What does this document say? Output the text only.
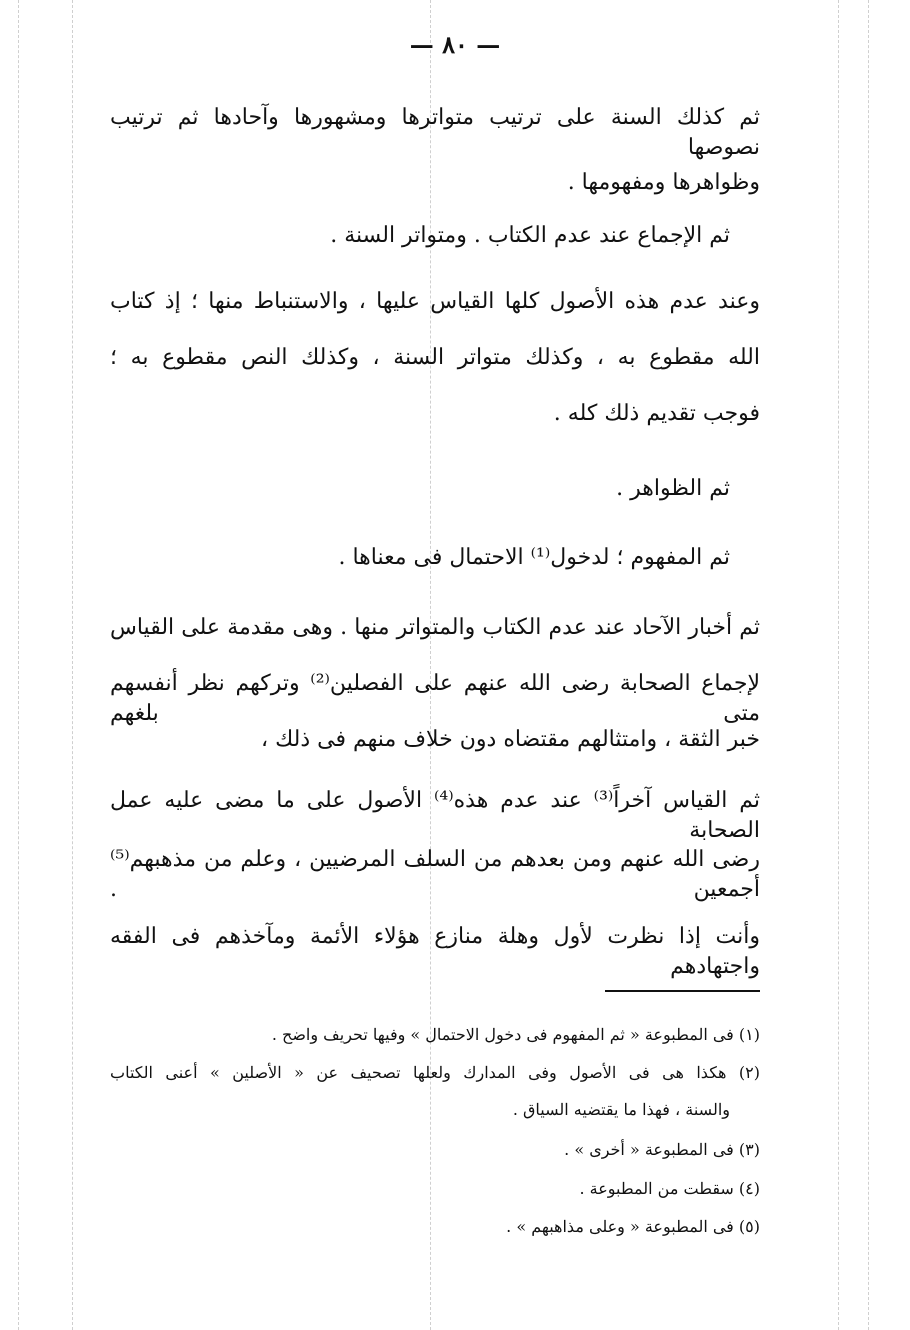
— ٨٠ —
ثم كذلك السنة على ترتيب متواترها ومشهورها وآحادها ثم ترتيب نصوصها
وظواهرها ومفهومها .
ثم الإجماع عند عدم الكتاب . ومتواتر السنة .
وعند عدم هذه الأصول كلها القياس عليها ، والاستنباط منها ؛ إذ كتاب
الله مقطوع به ، وكذلك متواتر السنة ، وكذلك النص مقطوع به ؛
فوجب تقديم ذلك كله .
ثم الظواهر .
ثم المفهوم ؛ لدخول⁽¹⁾ الاحتمال فى معناها .
ثم أخبار الآحاد عند عدم الكتاب والمتواتر منها . وهى مقدمة على القياس
لإجماع الصحابة رضى الله عنهم على الفصلين⁽²⁾ وتركهم نظر أنفسهم متى بلغهم
خبر الثقة ، وامتثالهم مقتضاه دون خلاف منهم فى ذلك ،
ثم القياس آخراً⁽³⁾ عند عدم هذه⁽⁴⁾ الأصول على ما مضى عليه عمل الصحابة
رضى الله عنهم ومن بعدهم من السلف المرضيين ، وعلم من مذهبهم⁽⁵⁾ أجمعين .
وأنت إذا نظرت لأول وهلة منازع هؤلاء الأئمة ومآخذهم فى الفقه واجتهادهم
(١) فى المطبوعة « ثم المفهوم فى دخول الاحتمال » وفيها تحريف واضح .
(٢) هكذا هى فى الأصول وفى المدارك ولعلها تصحيف عن « الأصلين » أعنى الكتاب
والسنة ، فهذا ما يقتضيه السياق .
(٣) فى المطبوعة « أخرى » .
(٤) سقطت من المطبوعة .
(٥) فى المطبوعة « وعلى مذاهبهم » .
